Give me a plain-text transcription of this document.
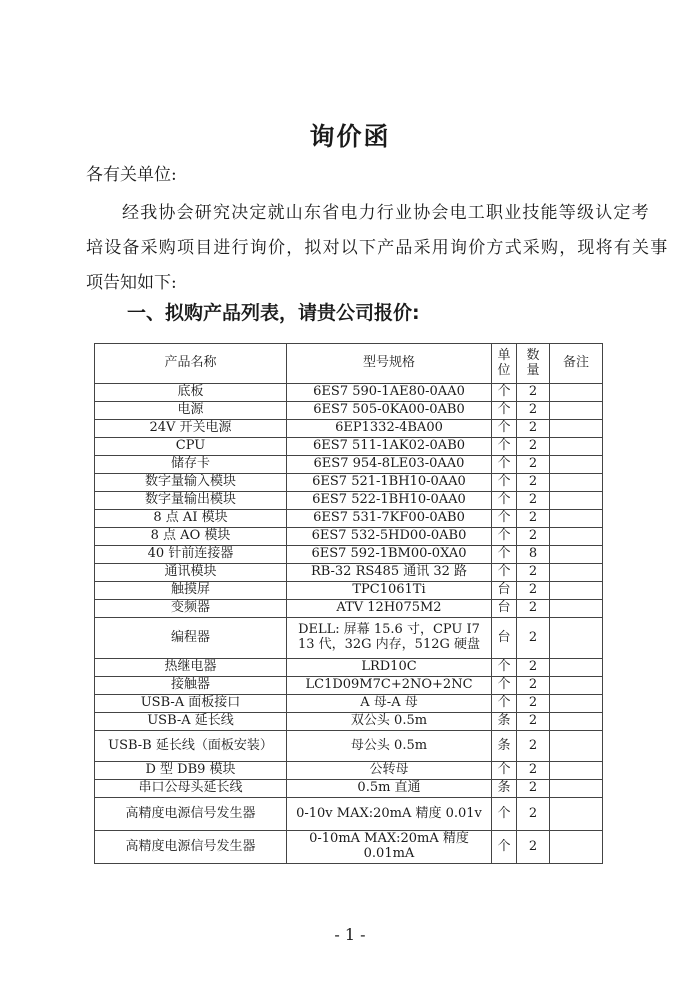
询价函
各有关单位:
经我协会研究决定就山东省电力行业协会电工职业技能等级认定考
培设备采购项目进行询价，拟对以下产品采用询价方式采购，现将有关事
项告知如下:
一、拟购产品列表，请贵公司报价:
产品名称	型号规格	单位	数量	备注
底板	6ES7 590-1AE80-0AA0	个	2	
电源	6ES7 505-0KA00-0AB0	个	2	
24V 开关电源	6EP1332-4BA00	个	2	
CPU	6ES7 511-1AK02-0AB0	个	2	
储存卡	6ES7 954-8LE03-0AA0	个	2	
数字量输入模块	6ES7 521-1BH10-0AA0	个	2	
数字量输出模块	6ES7 522-1BH10-0AA0	个	2	
8 点 AI 模块	6ES7 531-7KF00-0AB0	个	2	
8 点 AO 模块	6ES7 532-5HD00-0AB0	个	2	
40 针前连接器	6ES7 592-1BM00-0XA0	个	8	
通讯模块	RB-32 RS485 通讯 32 路	个	2	
触摸屏	TPC1061Ti	台	2	
变频器	ATV 12H075M2	台	2	
编程器	DELL: 屏幕 15.6 寸，CPU I7 13 代，32G 内存，512G 硬盘	台	2	
热继电器	LRD10C	个	2	
接触器	LC1D09M7C+2NO+2NC	个	2	
USB-A 面板接口	A 母-A 母	个	2	
USB-A 延长线	双公头 0.5m	条	2	
USB-B 延长线（面板安装）	母公头 0.5m	条	2	
D 型 DB9 模块	公转母	个	2	
串口公母头延长线	0.5m 直通	条	2	
高精度电源信号发生器	0-10v MAX:20mA 精度 0.01v	个	2	
高精度电源信号发生器	0-10mA MAX:20mA 精度 0.01mA	个	2	
- 1 -
